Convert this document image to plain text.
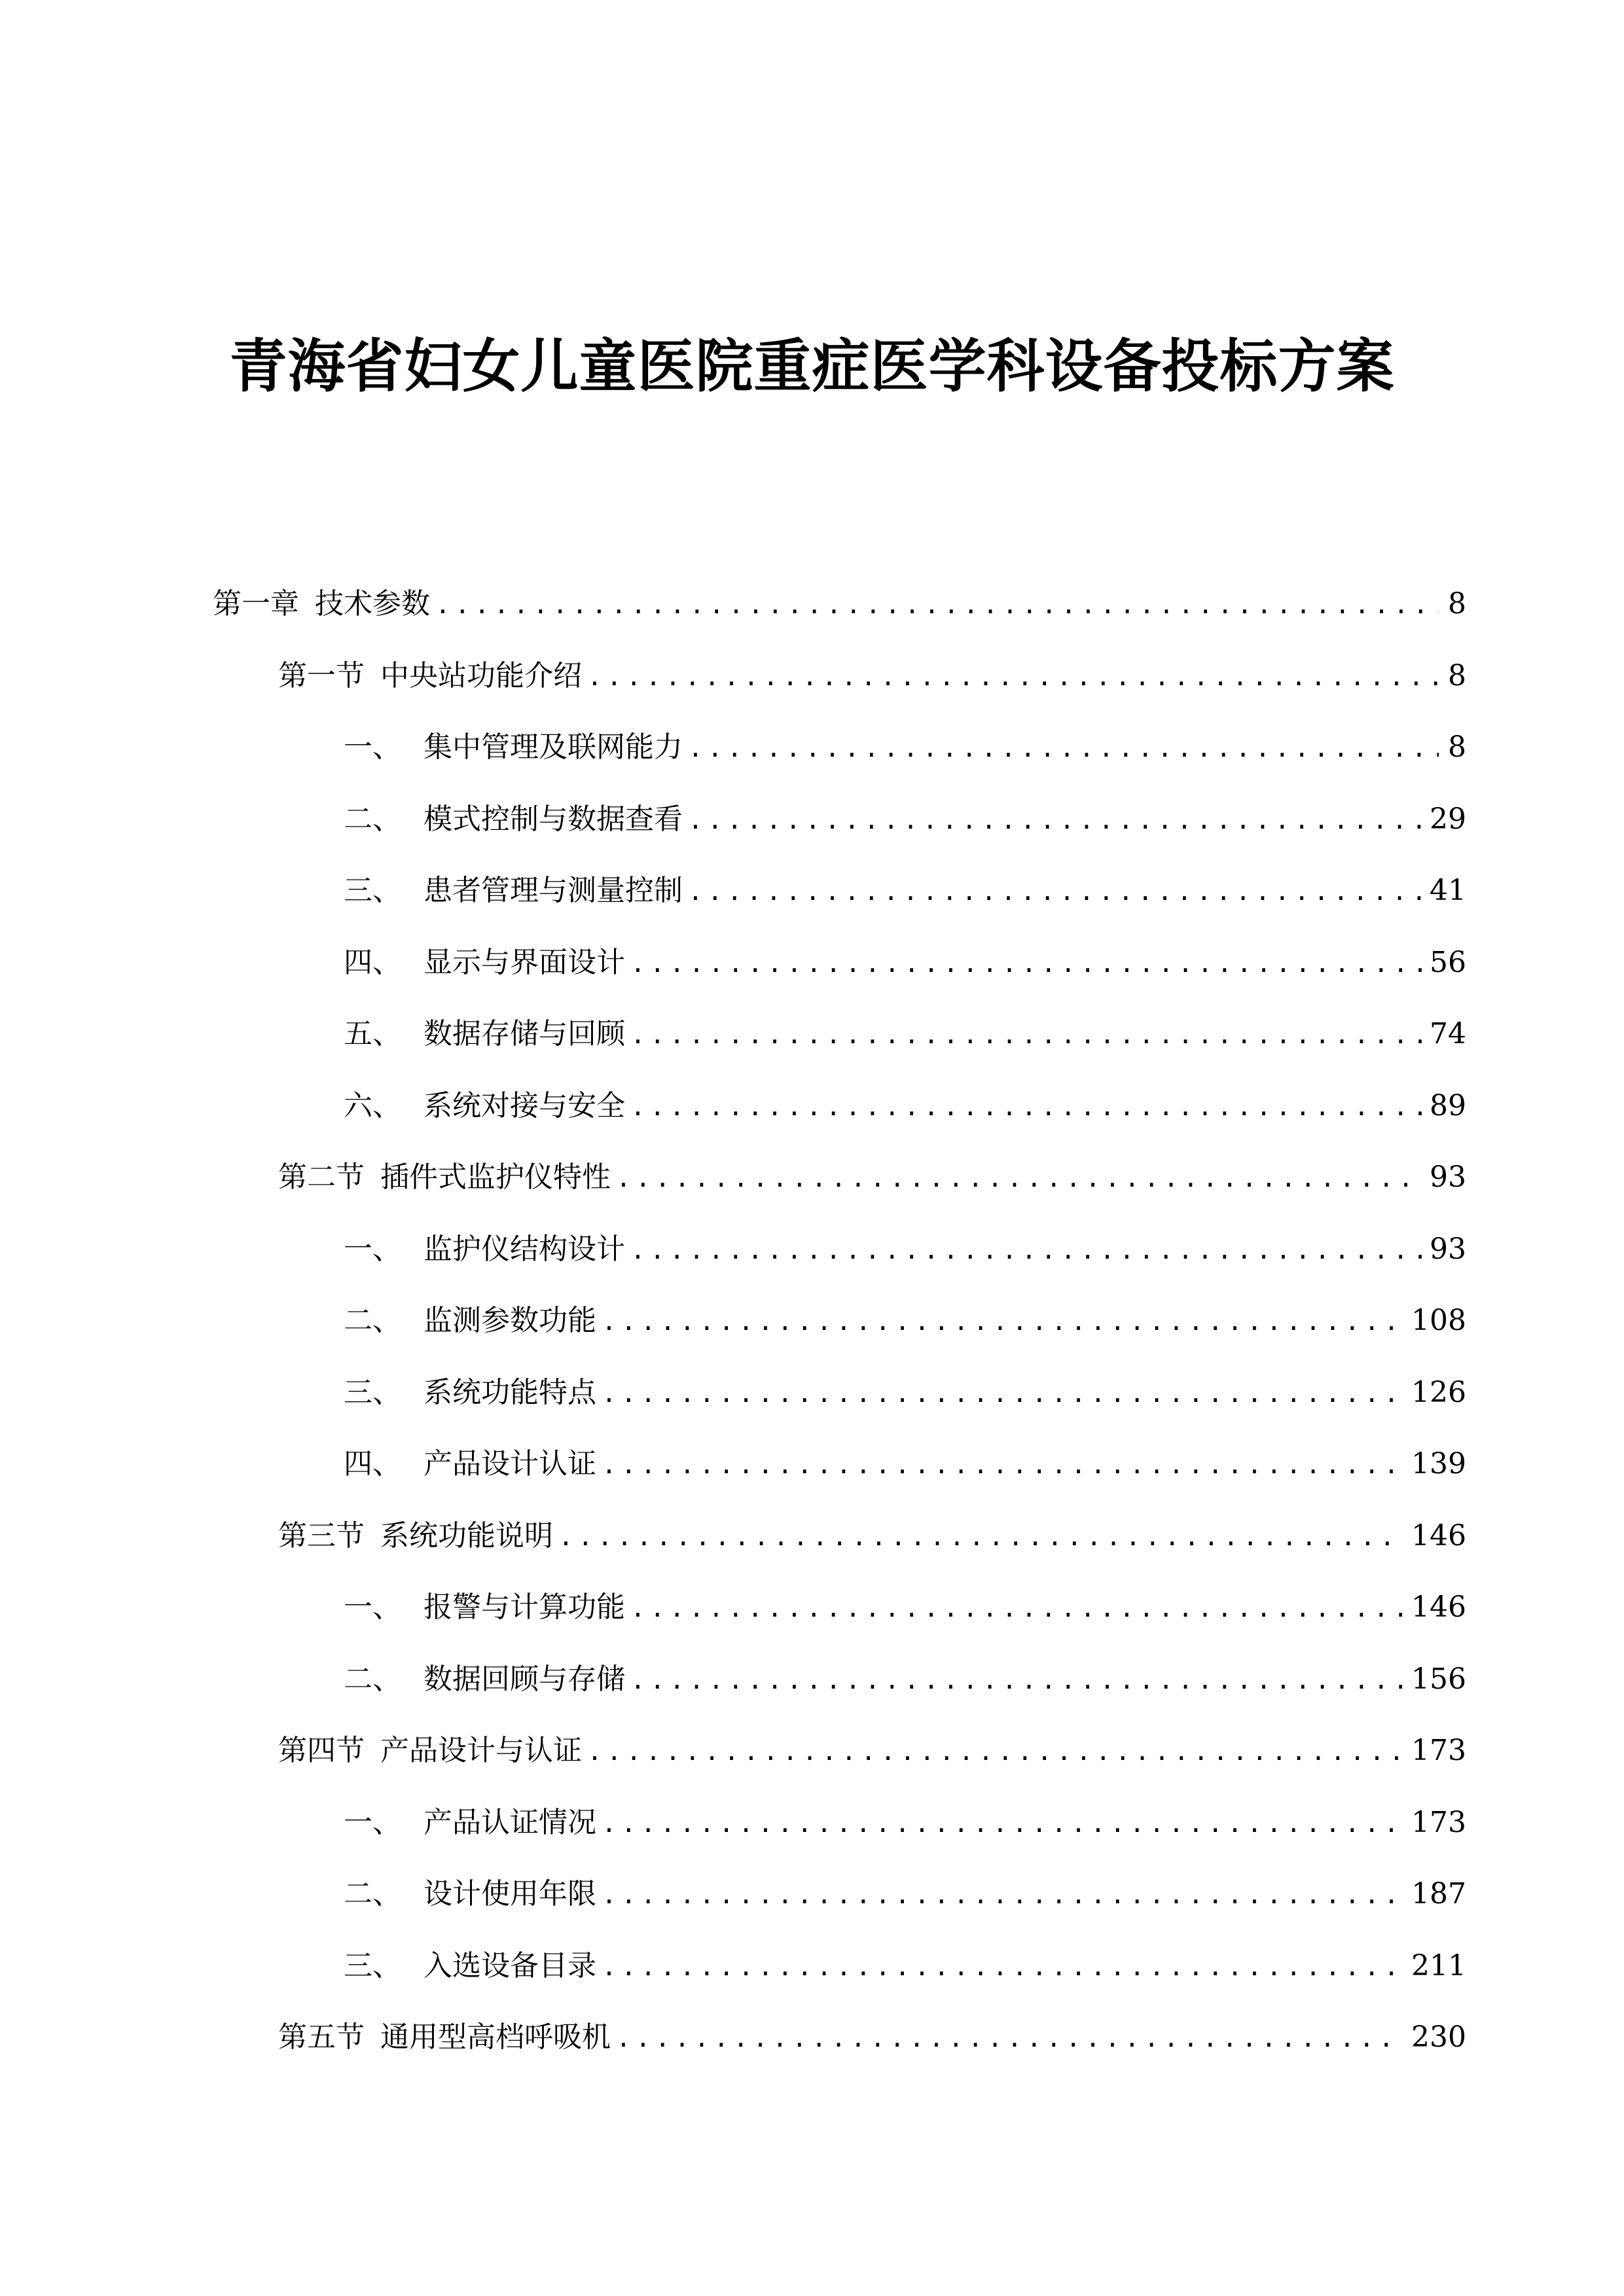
青海省妇女儿童医院重症医学科设备投标方案
第一章 技术参数 .....	8
第一节 中央站功能介绍 .....	8
一、 集中管理及联网能力 .....	8
二、 模式控制与数据查看 .....	29
三、 患者管理与测量控制 .....	41
四、 显示与界面设计 .....	56
五、 数据存储与回顾 .....	74
六、 系统对接与安全 .....	89
第二节 插件式监护仪特性 .....	93
一、 监护仪结构设计 .....	93
二、 监测参数功能 .....	108
三、 系统功能特点 .....	126
四、 产品设计认证 .....	139
第三节 系统功能说明 .....	146
一、 报警与计算功能 .....	146
二、 数据回顾与存储 .....	156
第四节 产品设计与认证 .....	173
一、 产品认证情况 .....	173
二、 设计使用年限 .....	187
三、 入选设备目录 .....	211
第五节 通用型高档呼吸机 .....	230
